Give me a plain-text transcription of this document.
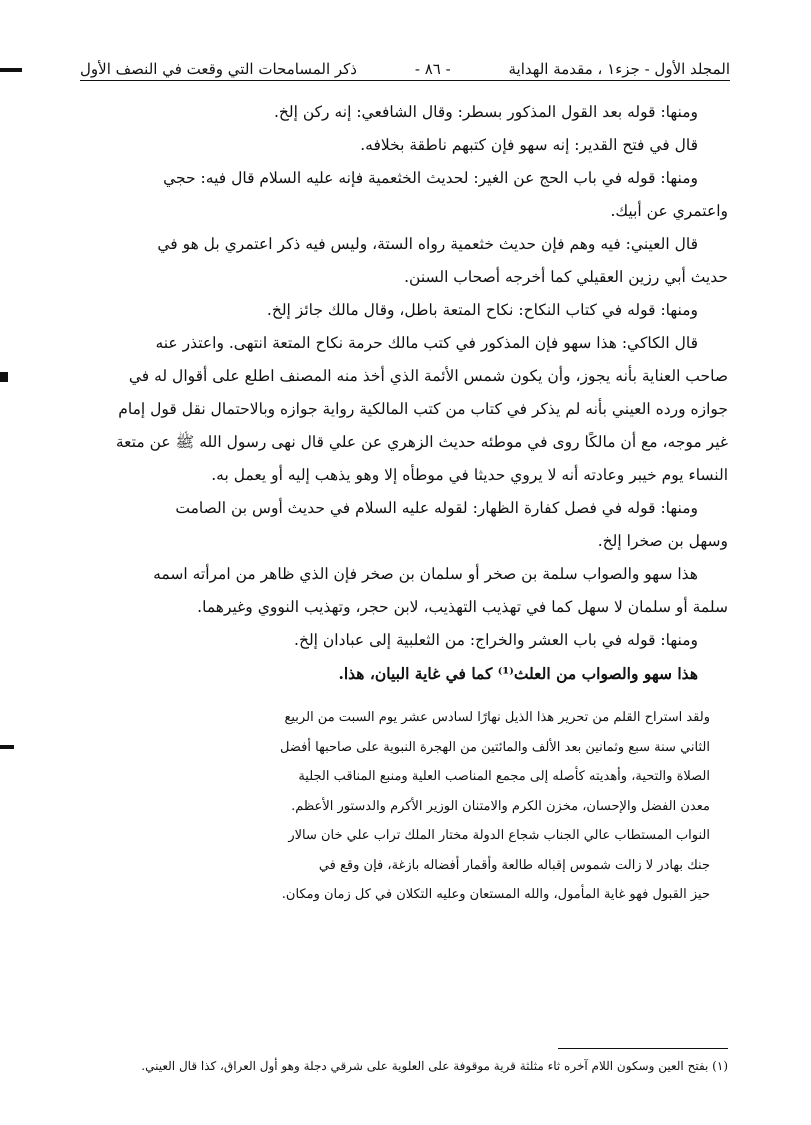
المجلد الأول - جزء١ ، مقدمة الهداية
- ٨٦ -
ذكر المسامحات التي وقعت في النصف الأول
ومنها: قوله بعد القول المذكور بسطر: وقال الشافعي: إنه ركن إلخ.
قال في فتح القدير: إنه سهو فإن كتبهم ناطقة بخلافه.
ومنها: قوله في باب الحج عن الغير: لحديث الخثعمية فإنه عليه السلام قال فيه: حجي
واعتمري عن أبيك.
قال العيني: فيه وهم فإن حديث خثعمية رواه الستة، وليس فيه ذكر اعتمري بل هو في
حديث أبي رزين العقيلي كما أخرجه أصحاب السنن.
ومنها: قوله في كتاب النكاح: نكاح المتعة باطل، وقال مالك جائز إلخ.
قال الكاكي: هذا سهو فإن المذكور في كتب مالك حرمة نكاح المتعة انتهى. واعتذر عنه
صاحب العناية بأنه يجوز، وأن يكون شمس الأئمة الذي أخذ منه المصنف اطلع على أقوال له في
جوازه ورده العيني بأنه لم يذكر في كتاب من كتب المالكية رواية جوازه وبالاحتمال نقل قول إمام
غير موجه، مع أن مالكًا روى في موطئه حديث الزهري عن علي قال نهى رسول الله ﷺ عن متعة
النساء يوم خيبر وعادته أنه لا يروي حديثا في موطأه إلا وهو يذهب إليه أو يعمل به.
ومنها: قوله في فصل كفارة الظهار: لقوله عليه السلام في حديث أوس بن الصامت
وسهل بن صخرا إلخ.
هذا سهو والصواب سلمة بن صخر أو سلمان بن صخر فإن الذي ظاهر من امرأته اسمه
سلمة أو سلمان لا سهل كما في تهذيب التهذيب، لابن حجر، وتهذيب النووي وغيرهما.
ومنها: قوله في باب العشر والخراج: من الثعلبية إلى عبادان إلخ.
هذا سهو والصواب من العلث⁽¹⁾ كما في غاية البيان، هذا.
ولقد استراح القلم من تحرير هذا الذيل نهارًا لسادس عشر يوم السبت من الربيع
الثاني سنة سبع وثمانين بعد الألف والمائتين من الهجرة النبوية على صاحبها أفضل
الصلاة والتحية، وأهديته كأصله إلى مجمع المناصب العلية ومنبع المناقب الجلية
معدن الفضل والإحسان، مخزن الكرم والامتنان الوزير الأكرم والدستور الأعظم.
النواب المستطاب عالي الجناب شجاع الدولة مختار الملك تراب علي خان سالار
جنك بهادر لا زالت شموس إقباله طالعة وأقمار أفضاله بازغة، فإن وقع في
حيز القبول فهو غاية المأمول، والله المستعان وعليه التكلان في كل زمان ومكان.
(١) بفتح العين وسكون اللام آخره ثاء مثلثة قرية موقوفة على العلوية على شرقي دجلة وهو أول العراق، كذا قال العيني.
